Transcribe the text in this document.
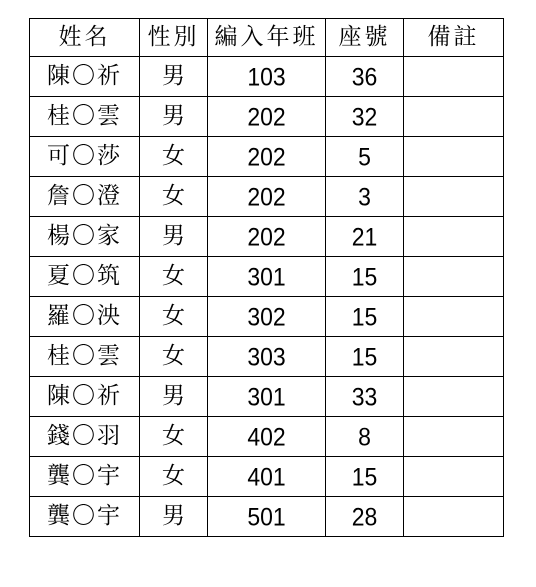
姓名	性別	編入年班	座號	備註
陳〇祈	男	103	36	
桂〇雲	男	202	32	
可〇莎	女	202	5	
詹〇澄	女	202	3	
楊〇家	男	202	21	
夏〇筑	女	301	15	
羅〇泱	女	302	15	
桂〇雲	女	303	15	
陳〇祈	男	301	33	
錢〇羽	女	402	8	
龔〇宇	女	401	15	
龔〇宇	男	501	28	
